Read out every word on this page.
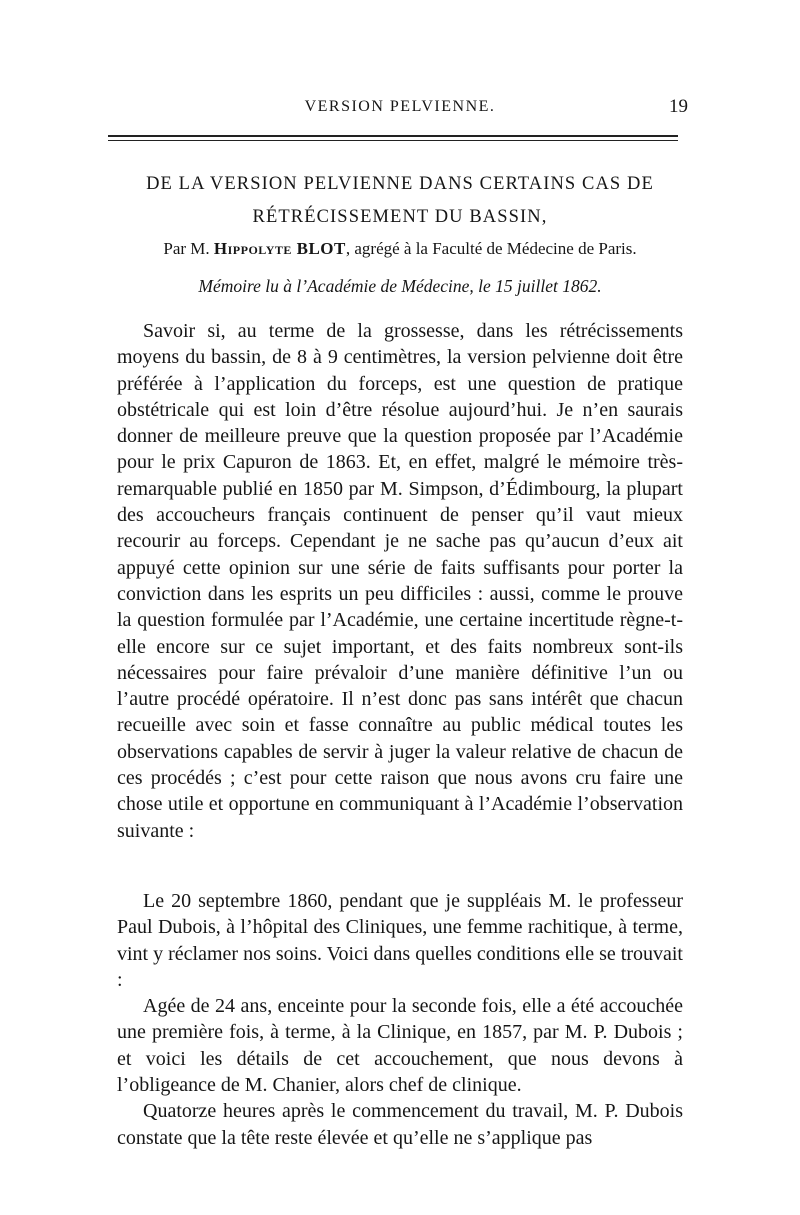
VERSION PELVIENNE.	19
DE LA VERSION PELVIENNE DANS CERTAINS CAS DE
RÉTRÉCISSEMENT DU BASSIN,
Par M. Hippolyte BLOT, agrégé à la Faculté de Médecine de Paris.
Mémoire lu à l’Académie de Médecine, le 15 juillet 1862.

Savoir si, au terme de la grossesse, dans les rétrécissements moyens du bassin, de 8 à 9 centimètres, la version pelvienne doit être préférée à l’application du forceps, est une question de pratique obstétricale qui est loin d’être résolue aujourd’hui. Je n’en saurais donner de meilleure preuve que la question proposée par l’Académie pour le prix Capuron de 1863. Et, en effet, malgré le mémoire très-remarquable publié en 1850 par M. Simpson, d’Édimbourg, la plupart des accoucheurs français continuent de penser qu’il vaut mieux recourir au forceps. Cependant je ne sache pas qu’aucun d’eux ait appuyé cette opinion sur une série de faits suffisants pour porter la conviction dans les esprits un peu difficiles : aussi, comme le prouve la question formulée par l’Académie, une certaine incertitude règne-t-elle encore sur ce sujet important, et des faits nombreux sont-ils nécessaires pour faire prévaloir d’une manière définitive l’un ou l’autre procédé opératoire. Il n’est donc pas sans intérêt que chacun recueille avec soin et fasse connaître au public médical toutes les observations capables de servir à juger la valeur relative de chacun de ces procédés ; c’est pour cette raison que nous avons cru faire une chose utile et opportune en communiquant à l’Académie l’observation suivante :

Le 20 septembre 1860, pendant que je suppléais M. le professeur Paul Dubois, à l’hôpital des Cliniques, une femme rachitique, à terme, vint y réclamer nos soins. Voici dans quelles conditions elle se trouvait :

Agée de 24 ans, enceinte pour la seconde fois, elle a été accouchée une première fois, à terme, à la Clinique, en 1857, par M. P. Dubois ; et voici les détails de cet accouchement, que nous devons à l’obligeance de M. Chanier, alors chef de clinique.

Quatorze heures après le commencement du travail, M. P. Dubois constate que la tête reste élevée et qu’elle ne s’applique pas
